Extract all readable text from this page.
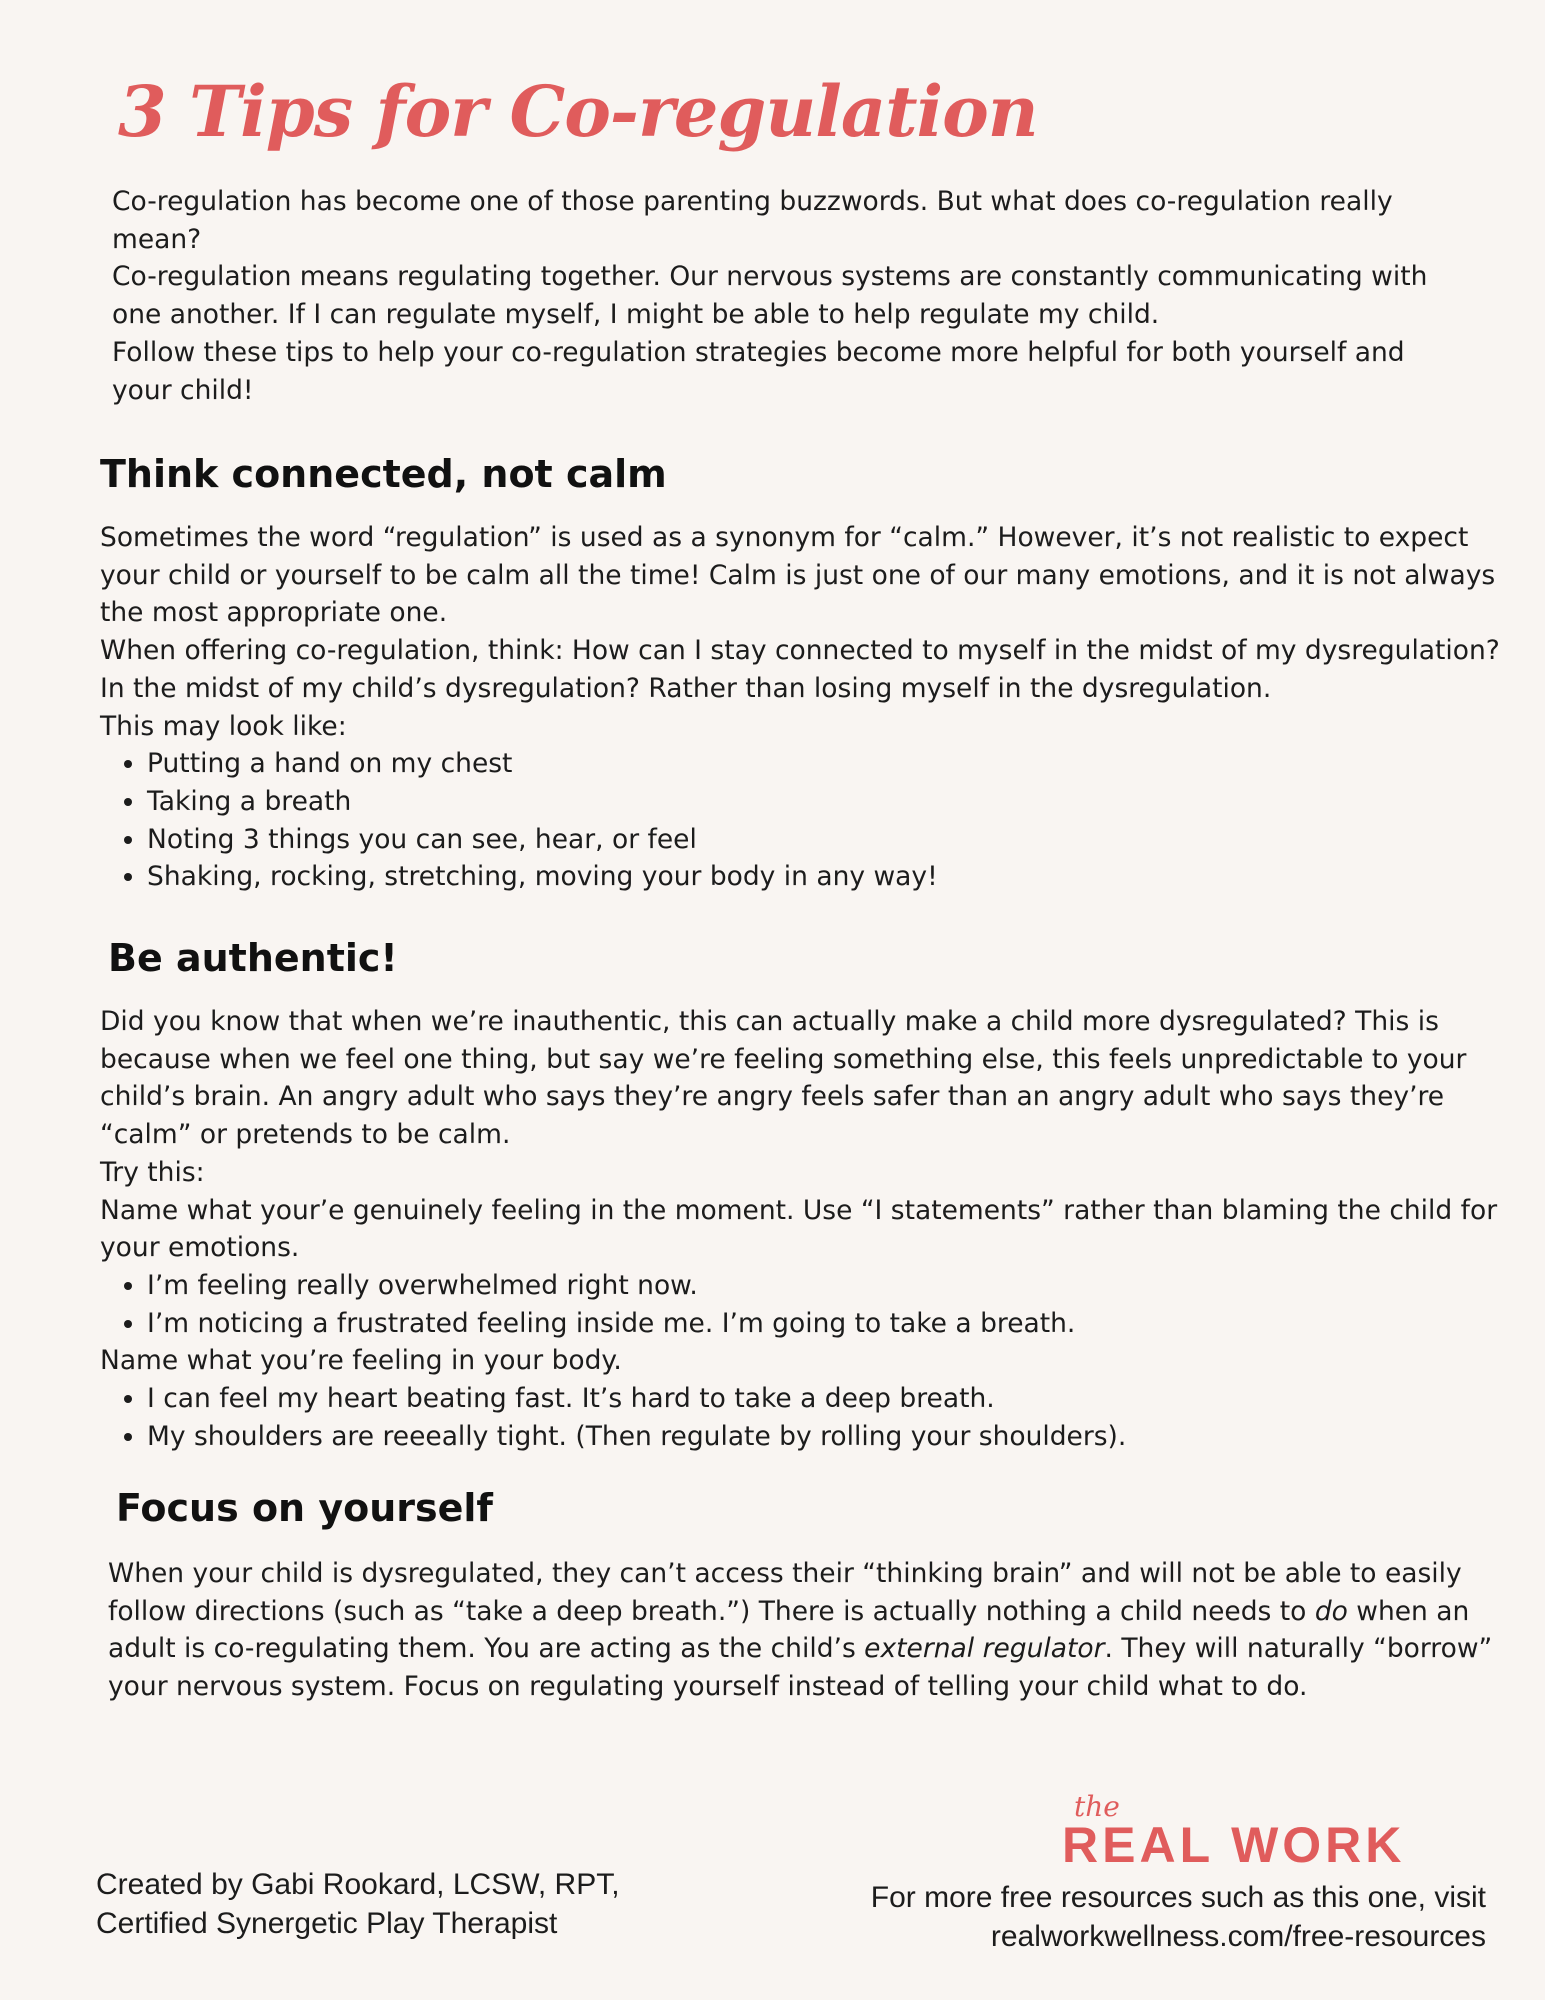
3 Tips for Co-regulation

Co-regulation has become one of those parenting buzzwords. But what does co-regulation really mean?

Co-regulation means regulating together. Our nervous systems are constantly communicating with one another. If I can regulate myself, I might be able to help regulate my child.

Follow these tips to help your co-regulation strategies become more helpful for both yourself and your child!

Think connected, not calm

Sometimes the word “regulation” is used as a synonym for “calm.” However, it’s not realistic to expect your child or yourself to be calm all the time! Calm is just one of our many emotions, and it is not always the most appropriate one.

When offering co-regulation, think: How can I stay connected to myself in the midst of my dysregulation? In the midst of my child’s dysregulation? Rather than losing myself in the dysregulation.

This may look like:

• Putting a hand on my chest
• Taking a breath
• Noting 3 things you can see, hear, or feel
• Shaking, rocking, stretching, moving your body in any way!
Be authentic!

Did you know that when we’re inauthentic, this can actually make a child more dysregulated? This is because when we feel one thing, but say we’re feeling something else, this feels unpredictable to your child’s brain. An angry adult who says they’re angry feels safer than an angry adult who says they’re “calm” or pretends to be calm.

Try this:

Name what your’e genuinely feeling in the moment. Use “I statements” rather than blaming the child for your emotions.

• I’m feeling really overwhelmed right now.
• I’m noticing a frustrated feeling inside me. I’m going to take a breath.

Name what you’re feeling in your body.

• I can feel my heart beating fast. It’s hard to take a deep breath.
• My shoulders are reeeally tight. (Then regulate by rolling your shoulders).
Focus on yourself

When your child is dysregulated, they can’t access their “thinking brain” and will not be able to easily follow directions (such as “take a deep breath.”) There is actually nothing a child needs to do when an adult is co-regulating them. You are acting as the child’s external regulator. They will naturally “borrow” your nervous system. Focus on regulating yourself instead of telling your child what to do.

the
REAL WORK
Created by Gabi Rookard, LCSW, RPT,
Certified Synergetic Play Therapist
For more free resources such as this one, visit
realworkwellness.com/free-resources
